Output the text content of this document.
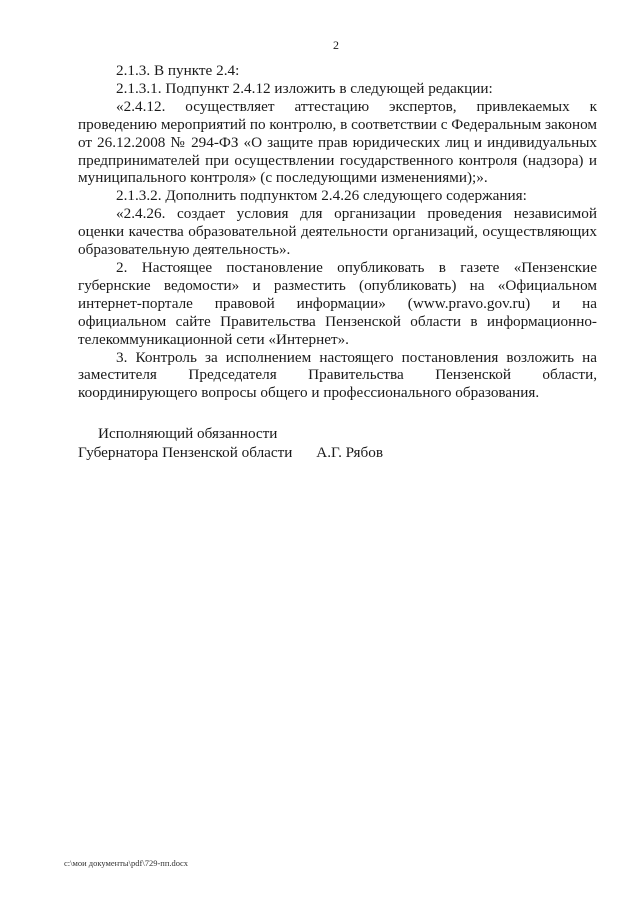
2

2.1.3. В пункте 2.4:

2.1.3.1. Подпункт 2.4.12 изложить в следующей редакции:

«2.4.12. осуществляет аттестацию экспертов, привлекаемых к проведению мероприятий по контролю, в соответствии с Федеральным законом от 26.12.2008 № 294-ФЗ «О защите прав юридических лиц и индивидуальных предпринимателей при осуществлении государственного контроля (надзора) и муниципального контроля» (с последующими изменениями);».

2.1.3.2. Дополнить подпунктом 2.4.26 следующего содержания:

«2.4.26. создает условия для организации проведения независимой оценки качества образовательной деятельности организаций, осуществляющих образовательную деятельность».

2. Настоящее постановление опубликовать в газете «Пензенские губернские ведомости» и разместить (опубликовать) на «Официальном интернет-портале правовой информации» (www.pravo.gov.ru) и на официальном сайте Правительства Пензенской области в информационно-телекоммуникационной сети «Интернет».

3. Контроль за исполнением настоящего постановления возложить на заместителя Председателя Правительства Пензенской области, координирующего вопросы общего и профессионального образования.

Исполняющий обязанности
Губернатора Пензенской области А.Г. Рябов
c:\мои документы\pdf\729-пп.docx
